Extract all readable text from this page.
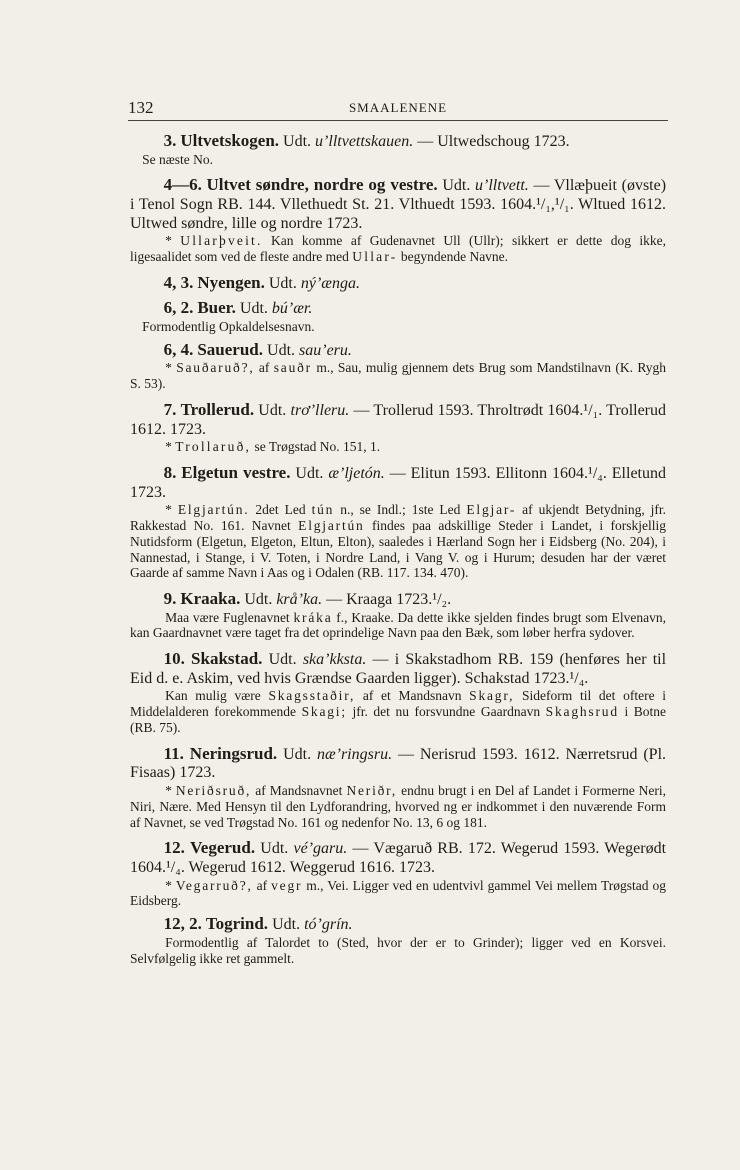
132	SMAALENENE

3. Ultvetskogen. Udt. u’lltvettskauen. — Ultwedschoug 1723.

Se næste No.

4—6. Ultvet søndre, nordre og vestre. Udt. u’lltvett. — Vllæþueit (øvste) i Tenol Sogn RB. 144. Vllethuedt St. 21. Vlthuedt 1593. 1604.¹/₁,¹/₁. Wltued 1612. Ultwed søndre, lille og nordre 1723.

* Ullarþveit. Kan komme af Gudenavnet Ull (Ullr); sikkert er dette dog ikke, ligesaalidet som ved de fleste andre med Ullar- begyndende Navne.

4, 3. Nyengen. Udt. ný’ænga.

6, 2. Buer. Udt. bú’ær.

Formodentlig Opkaldelsesnavn.

6, 4. Sauerud. Udt. sau’eru.

* Sauðaruð?, af sauðr m., Sau, mulig gjennem dets Brug som Mandstilnavn (K. Rygh S. 53).

7. Trollerud. Udt. trơ’lleru. — Trollerud 1593. Throltrødt 1604.¹/₁. Trollerud 1612. 1723.

* Trollaruð, se Trøgstad No. 151, 1.

8. Elgetun vestre. Udt. æ’ljetón. — Elitun 1593. Ellitonn 1604.¹/₄. Elletund 1723.

* Elgjartún. 2det Led tún n., se Indl.; 1ste Led Elgjar- af ukjendt Betydning, jfr. Rakkestad No. 161. Navnet Elgjartún findes paa adskillige Steder i Landet, i forskjellig Nutidsform (Elgetun, Elgeton, Eltun, Elton), saaledes i Hærland Sogn her i Eidsberg (No. 204), i Nannestad, i Stange, i V. Toten, i Nordre Land, i Vang V. og i Hurum; desuden har der været Gaarde af samme Navn i Aas og i Odalen (RB. 117. 134. 470).

9. Kraaka. Udt. krå’ka. — Kraaga 1723.¹/₂.

Maa være Fuglenavnet kráka f., Kraake. Da dette ikke sjelden findes brugt som Elvenavn, kan Gaardnavnet være taget fra det oprindelige Navn paa den Bæk, som løber herfra sydover.

10. Skakstad. Udt. ska’kksta. — i Skakstadhom RB. 159 (henføres her til Eid d. e. Askim, ved hvis Grændse Gaarden ligger). Schakstad 1723.¹/₄.

Kan mulig være Skagsstaðir, af et Mandsnavn Skagr, Sideform til det oftere i Middelalderen forekommende Skagi; jfr. det nu forsvundne Gaardnavn Skaghsrud i Botne (RB. 75).

11. Neringsrud. Udt. næ’ringsru. — Nerisrud 1593. 1612. Nærretsrud (Pl. Fisaas) 1723.

* Neriðsruð, af Mandsnavnet Neriðr, endnu brugt i en Del af Landet i Formerne Neri, Niri, Nære. Med Hensyn til den Lydforandring, hvorved ng er indkommet i den nuværende Form af Navnet, se ved Trøgstad No. 161 og nedenfor No. 13, 6 og 181.

12. Vegerud. Udt. vé’garu. — Vægaruð RB. 172. Wegerud 1593. Wegerødt 1604.¹/₄. Wegerud 1612. Weggerud 1616. 1723.

* Vegarruð?, af vegr m., Vei. Ligger ved en udentvivl gammel Vei mellem Trøgstad og Eidsberg.

12, 2. Togrind. Udt. tó’grín.

Formodentlig af Talordet to (Sted, hvor der er to Grinder); ligger ved en Korsvei. Selvfølgelig ikke ret gammelt.
